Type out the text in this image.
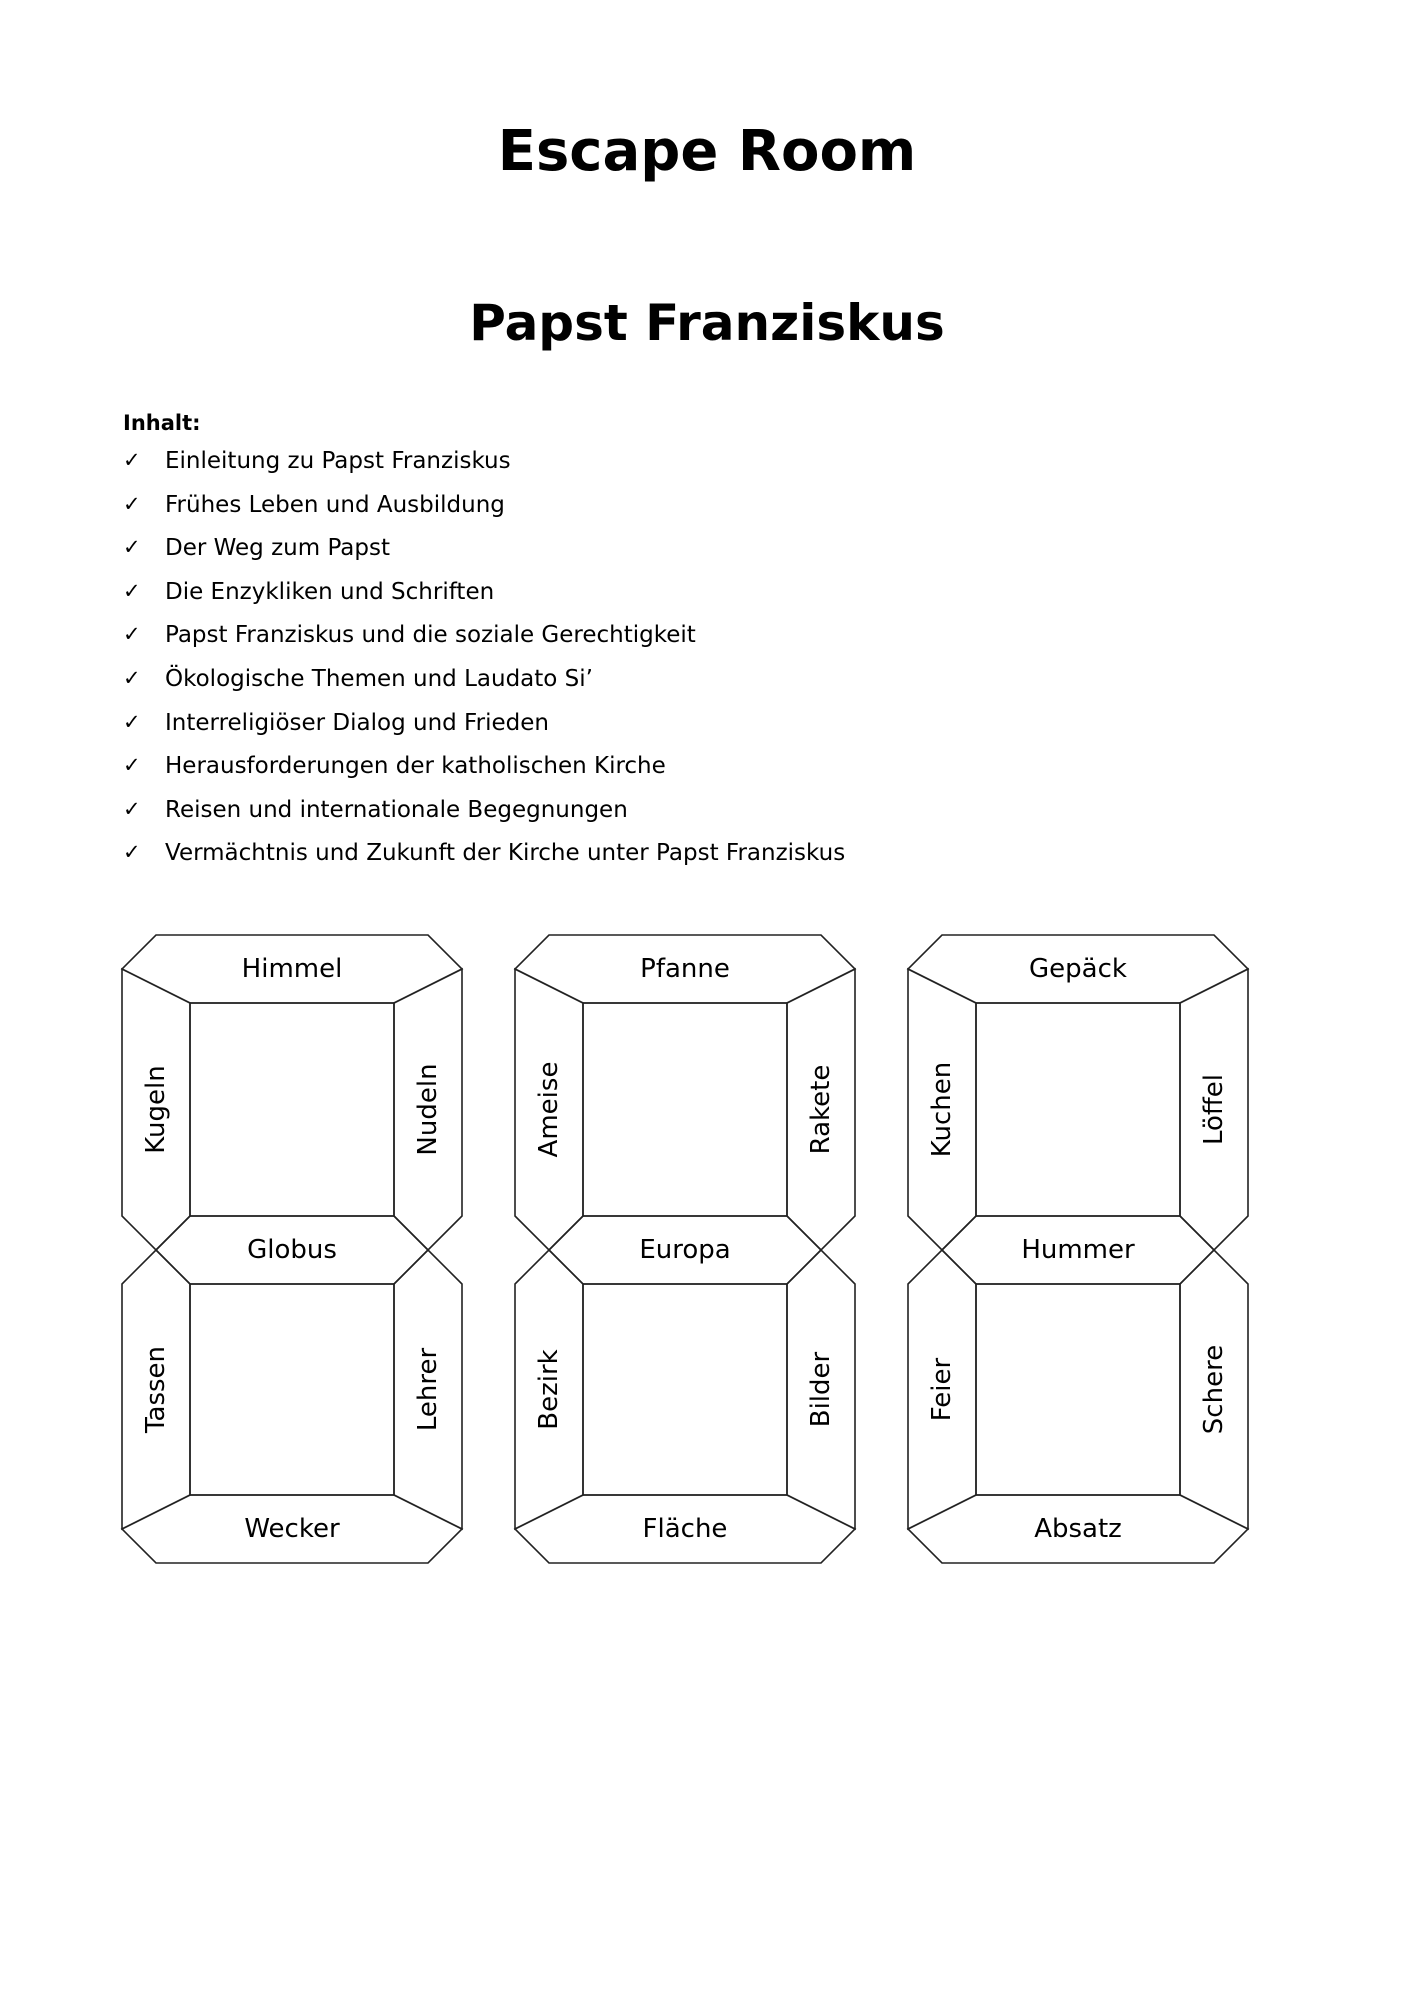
Escape Room
Papst Franziskus

Inhalt:

✓	Einleitung zu Papst Franziskus
✓	Frühes Leben und Ausbildung
✓	Der Weg zum Papst
✓	Die Enzykliken und Schriften
✓	Papst Franziskus und die soziale Gerechtigkeit
✓	Ökologische Themen und Laudato Si’
✓	Interreligiöser Dialog und Frieden
✓	Herausforderungen der katholischen Kirche
✓	Reisen und internationale Begegnungen
✓	Vermächtnis und Zukunft der Kirche unter Papst Franziskus
Himmel
Kugeln	Nudeln
Globus
Tassen	Lehrer
Wecker
Pfanne
Ameise	Rakete
Europa
Bezirk	Bilder
Fläche
Gepäck
Kuchen	Löffel
Hummer
Feier	Schere
Absatz
